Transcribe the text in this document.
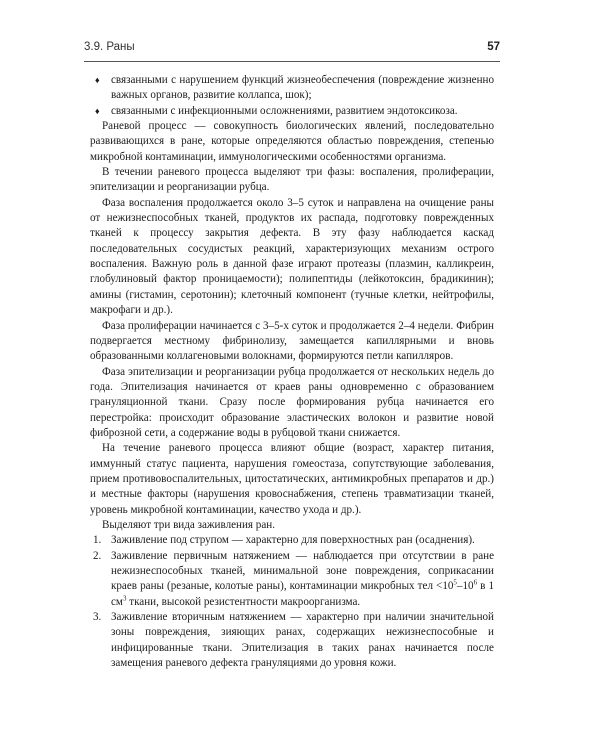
3.9. Раны	57

♦ связанными с нарушением функций жизнеобеспечения (повреждение жизненно важных органов, развитие коллапса, шок);

♦ связанными с инфекционными осложнениями, развитием эндотоксикоза.

Раневой процесс — совокупность биологических явлений, последовательно развивающихся в ране, которые определяются областью повреждения, степенью микробной контаминации, иммунологическими особенностями организма.

В течении раневого процесса выделяют три фазы: воспаления, пролиферации, эпителизации и реорганизации рубца.

Фаза воспаления продолжается около 3–5 суток и направлена на очищение раны от нежизнеспособных тканей, продуктов их распада, подготовку поврежденных тканей к процессу закрытия дефекта. В эту фазу наблюдается каскад последовательных сосудистых реакций, характеризующих механизм острого воспаления. Важную роль в данной фазе играют протеазы (плазмин, калликреин, глобулиновый фактор проницаемости); полипептиды (лейкотоксин, брадикинин); амины (гистамин, серотонин); клеточный компонент (тучные клетки, нейтрофилы, макрофаги и др.).

Фаза пролиферации начинается с 3–5-х суток и продолжается 2–4 недели. Фибрин подвергается местному фибринолизу, замещается капиллярными и вновь образованными коллагеновыми волокнами, формируются петли капилляров.

Фаза эпителизации и реорганизации рубца продолжается от нескольких недель до года. Эпителизация начинается от краев раны одновременно с образованием грануляционной ткани. Сразу после формирования рубца начинается его перестройка: происходит образование эластических волокон и развитие новой фиброзной сети, а содержание воды в рубцовой ткани снижается.

На течение раневого процесса влияют общие (возраст, характер питания, иммунный статус пациента, нарушения гомеостаза, сопутствующие заболевания, прием противовоспалительных, цитостатических, антимикробных препаратов и др.) и местные факторы (нарушения кровоснабжения, степень травматизации тканей, уровень микробной контаминации, качество ухода и др.).

Выделяют три вида заживления ран.

1. Заживление под струпом — характерно для поверхностных ран (осаднения).

2. Заживление первичным натяжением — наблюдается при отсутствии в ране нежизнеспособных тканей, минимальной зоне повреждения, соприкасании краев раны (резаные, колотые раны), контаминации микробных тел $<10^5-10^6$ в 1 $см^3$ ткани, высокой резистентности макроорганизма.

3. Заживление вторичным натяжением — характерно при наличии значительной зоны повреждения, зияющих ранах, содержащих нежизнеспособные и инфицированные ткани. Эпителизация в таких ранах начинается после замещения раневого дефекта грануляциями до уровня кожи.
